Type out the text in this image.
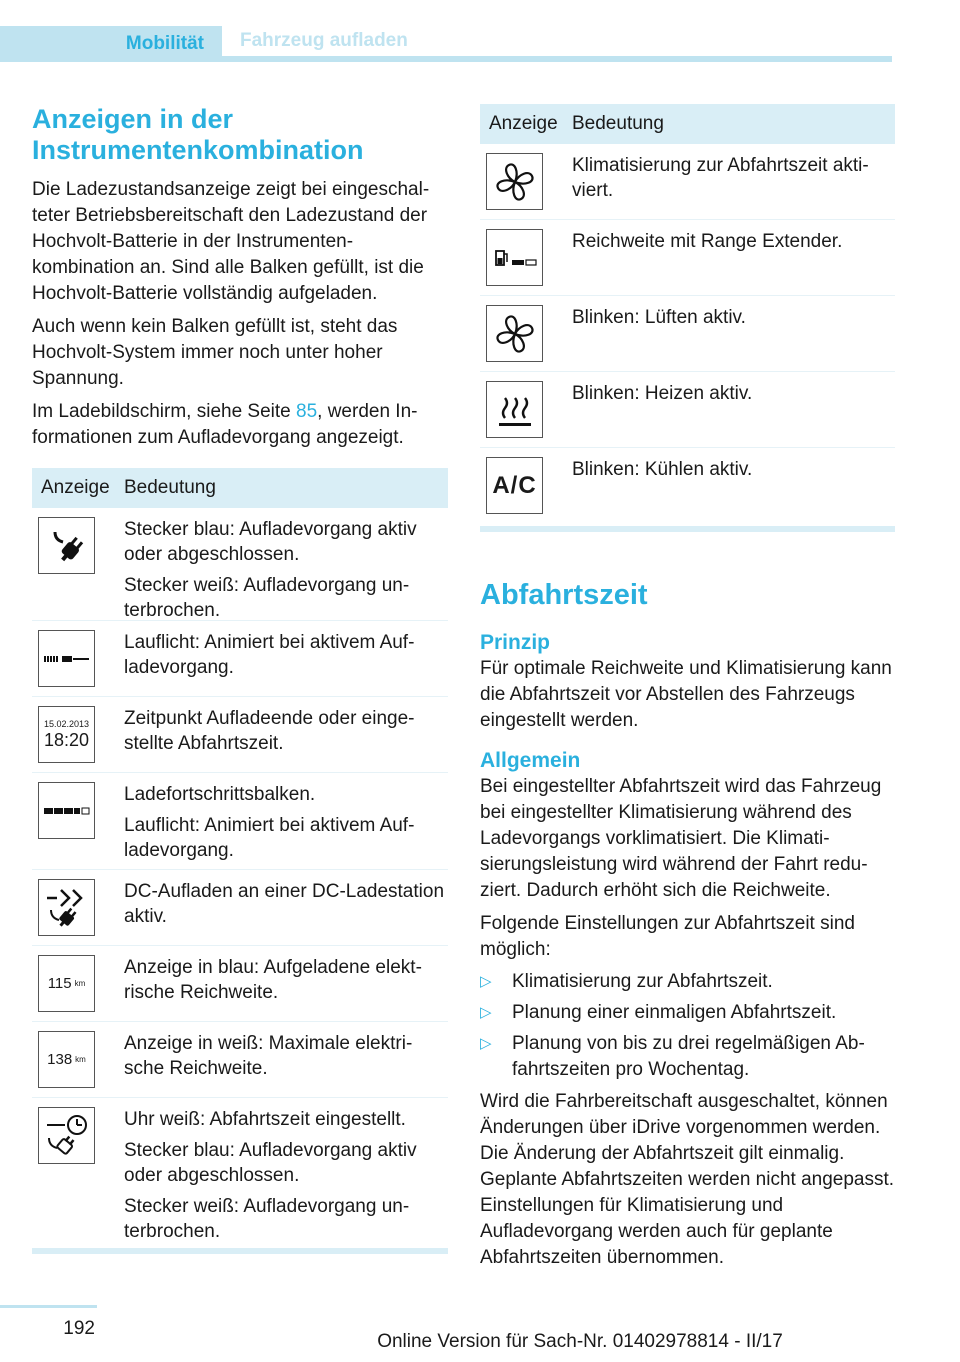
Mobilität	Fahrzeug aufladen
Anzeigen in der Instrumentenkombination

Die Ladezustandsanzeige zeigt bei eingeschalteter Betriebsbereitschaft den Ladezustand der Hochvolt-Batterie in der Instrumentenkombination an. Sind alle Balken gefüllt, ist die Hochvolt-Batterie vollständig aufgeladen.

Auch wenn kein Balken gefüllt ist, steht das Hochvolt-System immer noch unter hoher Spannung.

Im Ladebildschirm, siehe Seite 85, werden Informationen zum Aufladevorgang angezeigt.

Anzeige Bedeutung

Stecker blau: Aufladevorgang aktiv oder abgeschlossen.

Stecker weiß: Aufladevorgang unterbrochen.

Lauflicht: Animiert bei aktivem Aufladevorgang.

15.02.2013
18:20

Zeitpunkt Aufladeende oder eingestellte Abfahrtszeit.

Ladefortschrittsbalken.

Lauflicht: Animiert bei aktivem Aufladevorgang.

DC-Aufladen an einer DC-Ladestation aktiv.

115 km

Anzeige in blau: Aufgeladene elektrische Reichweite.

138 km

Anzeige in weiß: Maximale elektrische Reichweite.

Uhr weiß: Abfahrtszeit eingestellt.

Stecker blau: Aufladevorgang aktiv oder abgeschlossen.

Stecker weiß: Aufladevorgang unterbrochen.

Anzeige Bedeutung

Klimatisierung zur Abfahrtszeit aktiviert.

Reichweite mit Range Extender.

Blinken: Lüften aktiv.

Blinken: Heizen aktiv.

A/C

Blinken: Kühlen aktiv.

Abfahrtszeit
Prinzip

Für optimale Reichweite und Klimatisierung kann die Abfahrtszeit vor Abstellen des Fahrzeugs eingestellt werden.

Allgemein

Bei eingestellter Abfahrtszeit wird das Fahrzeug bei eingestellter Klimatisierung während des Ladevorgangs vorklimatisiert. Die Klimatisierungsleistung wird während der Fahrt reduziert. Dadurch erhöht sich die Reichweite.

Folgende Einstellungen zur Abfahrtszeit sind möglich:

▷ Klimatisierung zur Abfahrtszeit.
▷ Planung einer einmaligen Abfahrtszeit.
▷ Planung von bis zu drei regelmäßigen Abfahrtszeiten pro Wochentag.

Wird die Fahrbereitschaft ausgeschaltet, können Änderungen über iDrive vorgenommen werden. Die Änderung der Abfahrtszeit gilt einmalig. Geplante Abfahrtszeiten werden nicht angepasst. Einstellungen für Klimatisierung und Aufladevorgang werden auch für geplante Abfahrtszeiten übernommen.

192
Online Version für Sach-Nr. 01402978814 - II/17
